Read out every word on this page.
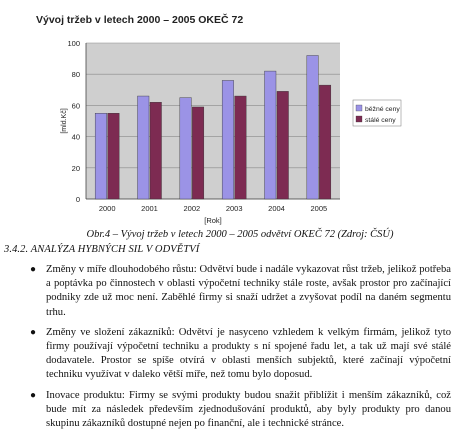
Vývoj tržeb v letech 2000 – 2005 OKEČ 72
0
20
40
60
80
100
2000	2001	2002	2003	2004	2005
[mld.Kč]
[Rok]
běžné ceny
stálé ceny
Obr.4 – Vývoj tržeb v letech 2000 – 2005 odvětví OKEČ 72 (Zdroj: ČSÚ)
3.4.2. ANALÝZA HYBNÝCH SIL V ODVĚTVÍ
● Změny v míře dlouhodobého růstu: Odvětví bude i nadále vykazovat růst tržeb, jelikož potřeba a poptávka po činnostech v oblasti výpočetní techniky stále roste, avšak prostor pro začínající podniky zde už moc není. Zaběhlé firmy si snaží udržet a zvyšovat podíl na daném segmentu trhu.
● Změny ve složení zákazníků: Odvětví je nasyceno vzhledem k velkým firmám, jelikož tyto firmy používají výpočetní techniku a produkty s ní spojené řadu let, a tak už mají své stálé dodavatele. Prostor se spíše otvírá v oblasti menších subjektů, které začínají výpočetní techniku využívat v daleko větší míře, než tomu bylo doposud.
● Inovace produktu: Firmy se svými produkty budou snažit přiblížit i menším zákazníků, což bude mít za následek především zjednodušování produktů, aby byly produkty pro danou skupinu zákazníků dostupné nejen po finanční, ale i technické stránce.
